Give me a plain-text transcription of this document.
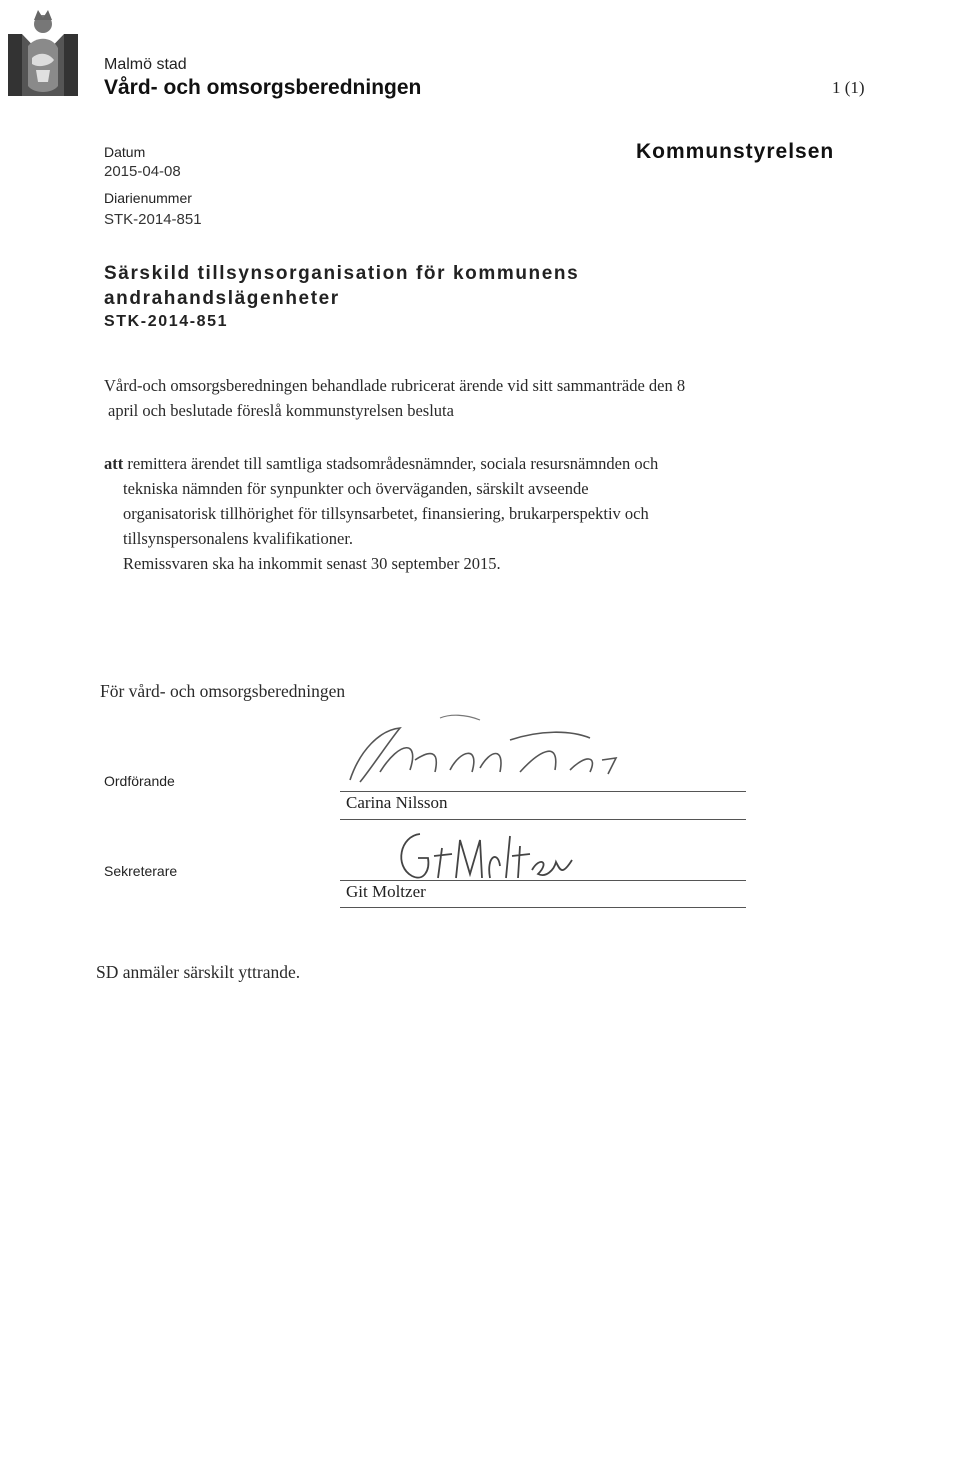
Malmö stad
Vård- och omsorgsberedningen	1 (1)
Datum
2015-04-08
Diarienummer
STK-2014-851
Kommunstyrelsen
Särskild tillsynsorganisation för kommunens
andrahandslägenheter
STK-2014-851
Vård-och omsorgsberedningen behandlade rubricerat ärende vid sitt sammanträde den 8
april och beslutade föreslå kommunstyrelsen besluta
att remittera ärendet till samtliga stadsområdesnämnder, sociala resursnämnden och
tekniska nämnden för synpunkter och överväganden, särskilt avseende
organisatorisk tillhörighet för tillsynsarbetet, finansiering, brukarperspektiv och
tillsynspersonalens kvalifikationer.
Remissvaren ska ha inkommit senast 30 september 2015.
För vård- och omsorgsberedningen
Ordförande
Carina Nilsson
Sekreterare
Git Moltzer
SD anmäler särskilt yttrande.
